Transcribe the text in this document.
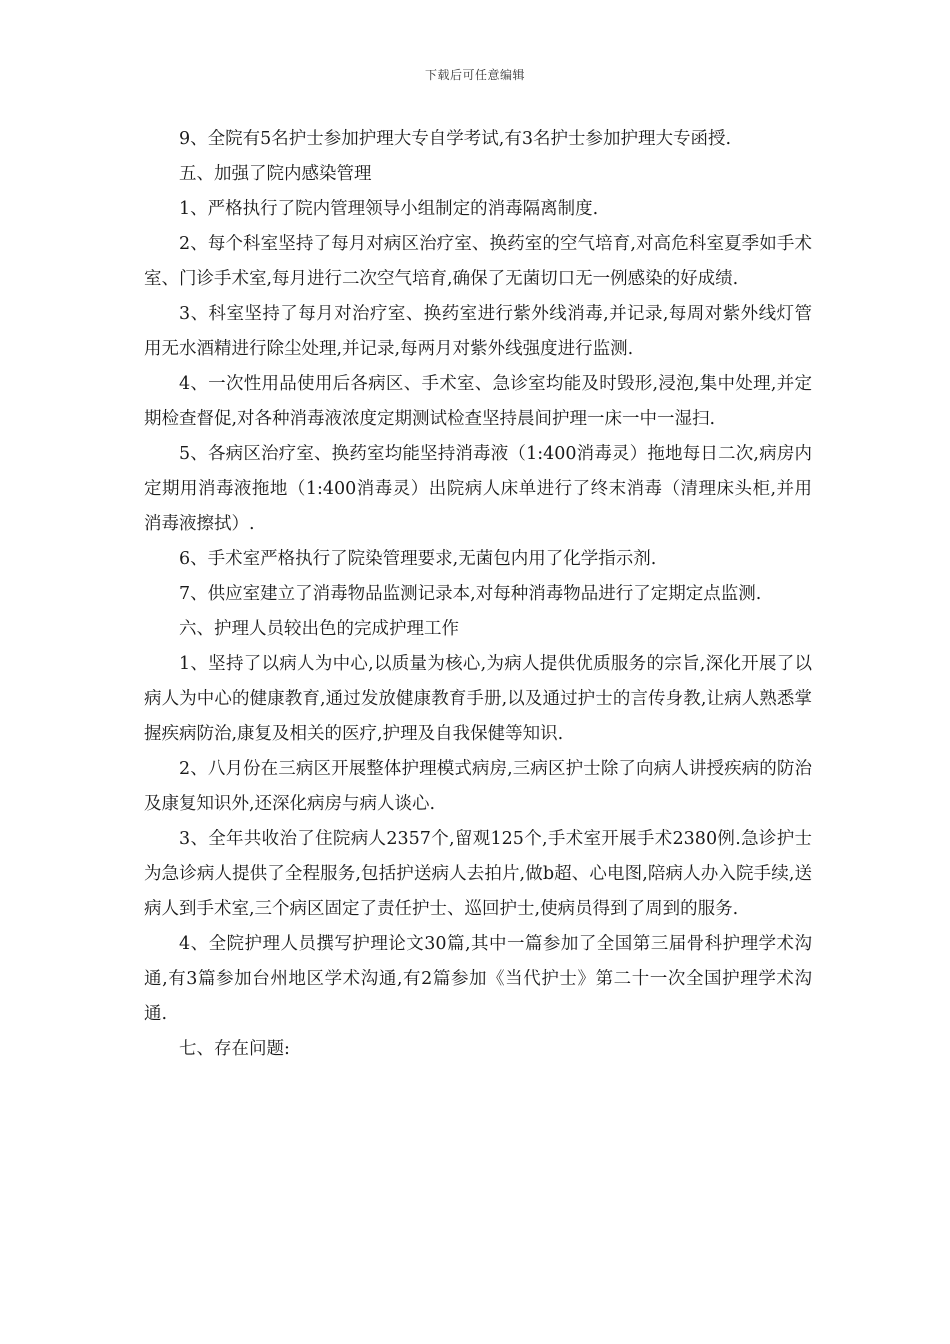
下载后可任意编辑

9、全院有5名护士参加护理大专自学考试,有3名护士参加护理大专函授.

五、加强了院内感染管理

1、严格执行了院内管理领导小组制定的消毒隔离制度.

2、每个科室坚持了每月对病区治疗室、换药室的空气培育,对高危科室夏季如手术室、门诊手术室,每月进行二次空气培育,确保了无菌切口无一例感染的好成绩.

3、科室坚持了每月对治疗室、换药室进行紫外线消毒,并记录,每周对紫外线灯管用无水酒精进行除尘处理,并记录,每两月对紫外线强度进行监测.

4、一次性用品使用后各病区、手术室、急诊室均能及时毁形,浸泡,集中处理,并定期检查督促,对各种消毒液浓度定期测试检查坚持晨间护理一床一中一湿扫.

5、各病区治疗室、换药室均能坚持消毒液（1:400消毒灵）拖地每日二次,病房内定期用消毒液拖地（1:400消毒灵）出院病人床单进行了终末消毒（清理床头柜,并用消毒液擦拭）.

6、手术室严格执行了院染管理要求,无菌包内用了化学指示剂.

7、供应室建立了消毒物品监测记录本,对每种消毒物品进行了定期定点监测.

六、护理人员较出色的完成护理工作

1、坚持了以病人为中心,以质量为核心,为病人提供优质服务的宗旨,深化开展了以病人为中心的健康教育,通过发放健康教育手册,以及通过护士的言传身教,让病人熟悉掌握疾病防治,康复及相关的医疗,护理及自我保健等知识.

2、八月份在三病区开展整体护理模式病房,三病区护士除了向病人讲授疾病的防治及康复知识外,还深化病房与病人谈心.

3、全年共收治了住院病人2357个,留观125个,手术室开展手术2380例.急诊护士为急诊病人提供了全程服务,包括护送病人去拍片,做b超、心电图,陪病人办入院手续,送病人到手术室,三个病区固定了责任护士、巡回护士,使病员得到了周到的服务.

4、全院护理人员撰写护理论文30篇,其中一篇参加了全国第三届骨科护理学术沟通,有3篇参加台州地区学术沟通,有2篇参加《当代护士》第二十一次全国护理学术沟通.

七、存在问题:
